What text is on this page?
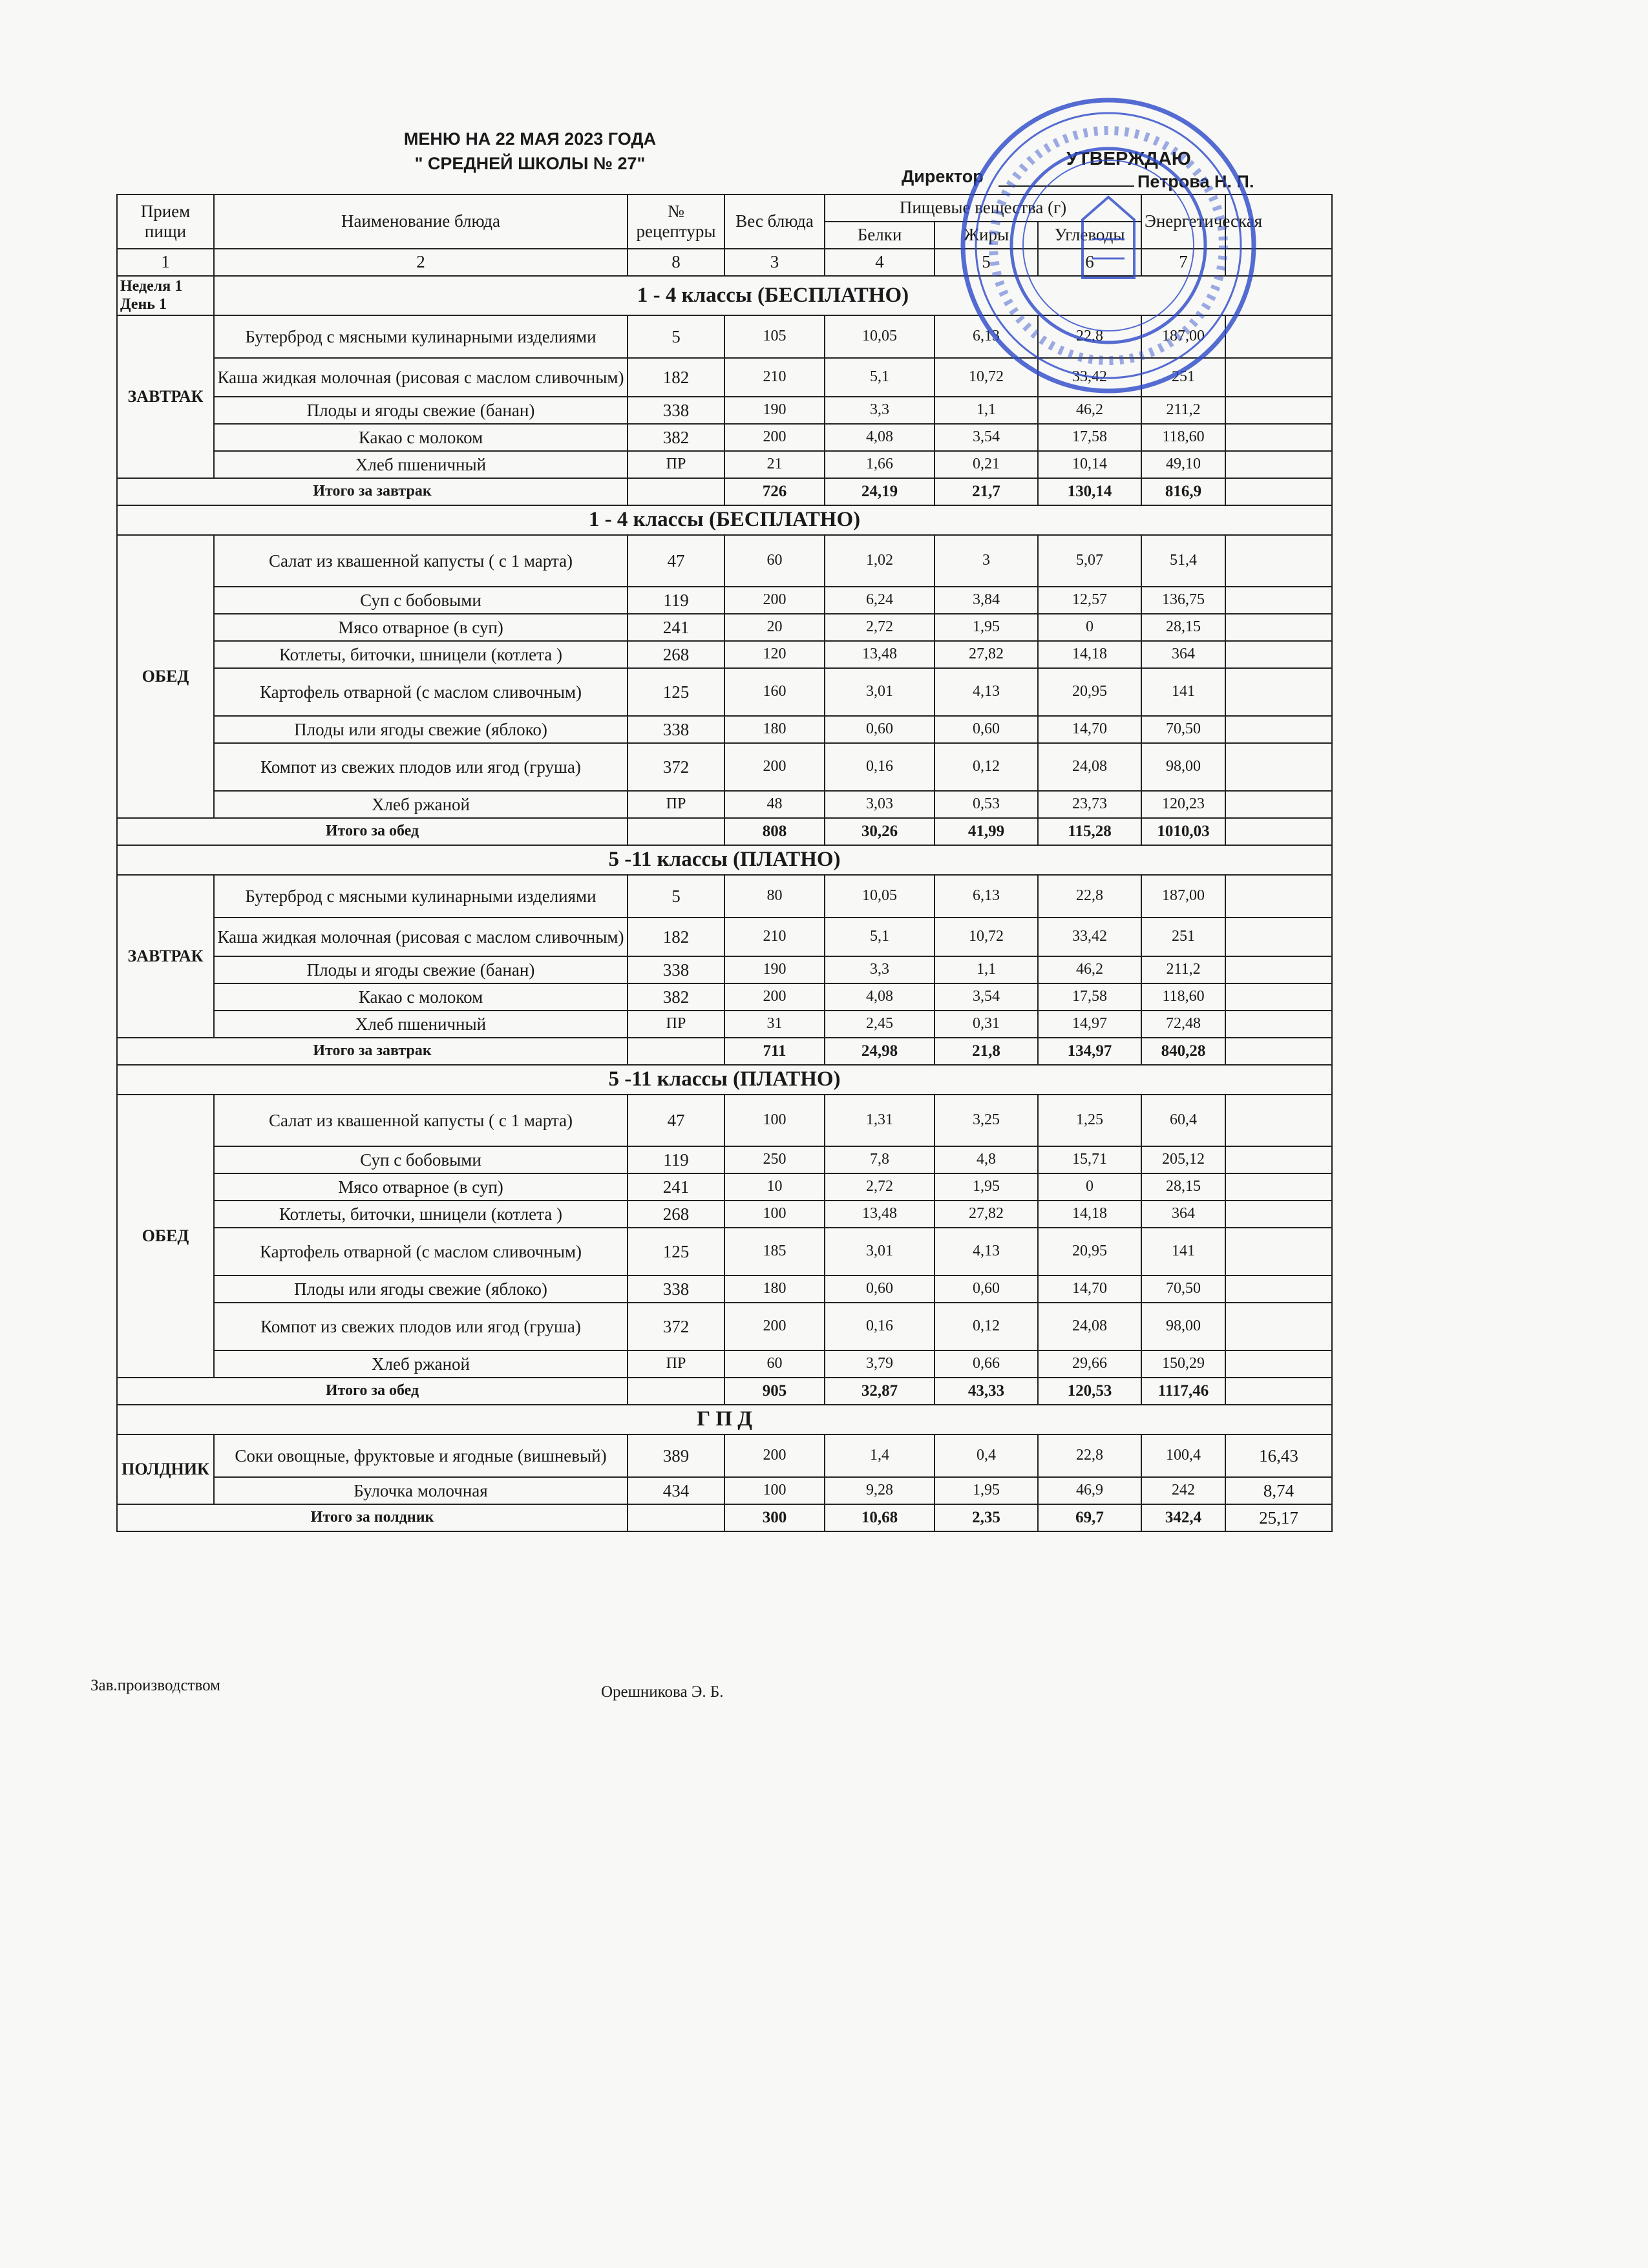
МЕНЮ НА 22 МАЯ 2023 ГОДА
" СРЕДНЕЙ ШКОЛЫ № 27"	УТВЕРЖДАЮ
Директор	Петрова Н. П.
Прием пищи	Наименование блюда	№ рецептуры	Вес блюда	Пищевые вещества (г)			Энергетическая	
				Белки	Жиры	Углеводы		
1	2	8	3	4	5	6	7	

Неделя 1
День 1	1 - 4 классы (БЕСПЛАТНО)							
ЗАВТРАК	Бутерброд с мясными кулинарными изделиями	5	105	10,05	6,13	22,8	187,00	
	Каша жидкая молочная (рисовая с маслом сливочным)	182	210	5,1	10,72	33,42	251	
	Плоды и ягоды свежие (банан)	338	190	3,3	1,1	46,2	211,2	
	Какао с молоком	382	200	4,08	3,54	17,58	118,60	
	Хлеб пшеничный	ПР	21	1,66	0,21	10,14	49,10	
Итого за завтрак			726	24,19	21,7	130,14	816,9	
1 - 4 классы (БЕСПЛАТНО)								
ОБЕД	Салат из квашенной капусты ( с 1 марта)	47	60	1,02	3	5,07	51,4	
	Суп с бобовыми	119	200	6,24	3,84	12,57	136,75	
	Мясо отварное (в суп)	241	20	2,72	1,95	0	28,15	
	Котлеты, биточки, шницели (котлета )	268	120	13,48	27,82	14,18	364	
	Картофель отварной (с маслом сливочным)	125	160	3,01	4,13	20,95	141	
	Плоды или ягоды свежие (яблоко)	338	180	0,60	0,60	14,70	70,50	
	Компот из свежих плодов или ягод (груша)	372	200	0,16	0,12	24,08	98,00	
	Хлеб ржаной	ПР	48	3,03	0,53	23,73	120,23	
Итого за обед			808	30,26	41,99	115,28	1010,03	
5 -11 классы (ПЛАТНО)								
ЗАВТРАК	Бутерброд с мясными кулинарными изделиями	5	80	10,05	6,13	22,8	187,00	
	Каша жидкая молочная (рисовая с маслом сливочным)	182	210	5,1	10,72	33,42	251	
	Плоды и ягоды свежие (банан)	338	190	3,3	1,1	46,2	211,2	
	Какао с молоком	382	200	4,08	3,54	17,58	118,60	
	Хлеб пшеничный	ПР	31	2,45	0,31	14,97	72,48	
Итого за завтрак			711	24,98	21,8	134,97	840,28	
5 -11 классы (ПЛАТНО)								
ОБЕД	Салат из квашенной капусты ( с 1 марта)	47	100	1,31	3,25	1,25	60,4	
	Суп с бобовыми	119	250	7,8	4,8	15,71	205,12	
	Мясо отварное (в суп)	241	10	2,72	1,95	0	28,15	
	Котлеты, биточки, шницели (котлета )	268	100	13,48	27,82	14,18	364	
	Картофель отварной (с маслом сливочным)	125	185	3,01	4,13	20,95	141	
	Плоды или ягоды свежие (яблоко)	338	180	0,60	0,60	14,70	70,50	
	Компот из свежих плодов или ягод (груша)	372	200	0,16	0,12	24,08	98,00	
	Хлеб ржаной	ПР	60	3,79	0,66	29,66	150,29	
Итого за обед			905	32,87	43,33	120,53	1117,46	
Г П Д								
ПОЛДНИК	Соки овощные, фруктовые и ягодные (вишневый)	389	200	1,4	0,4	22,8	100,4	16,43
	Булочка молочная	434	100	9,28	1,95	46,9	242	8,74
Итого за полдник			300	10,68	2,35	69,7	342,4	25,17
Зав.производством	Орешникова Э. Б.
